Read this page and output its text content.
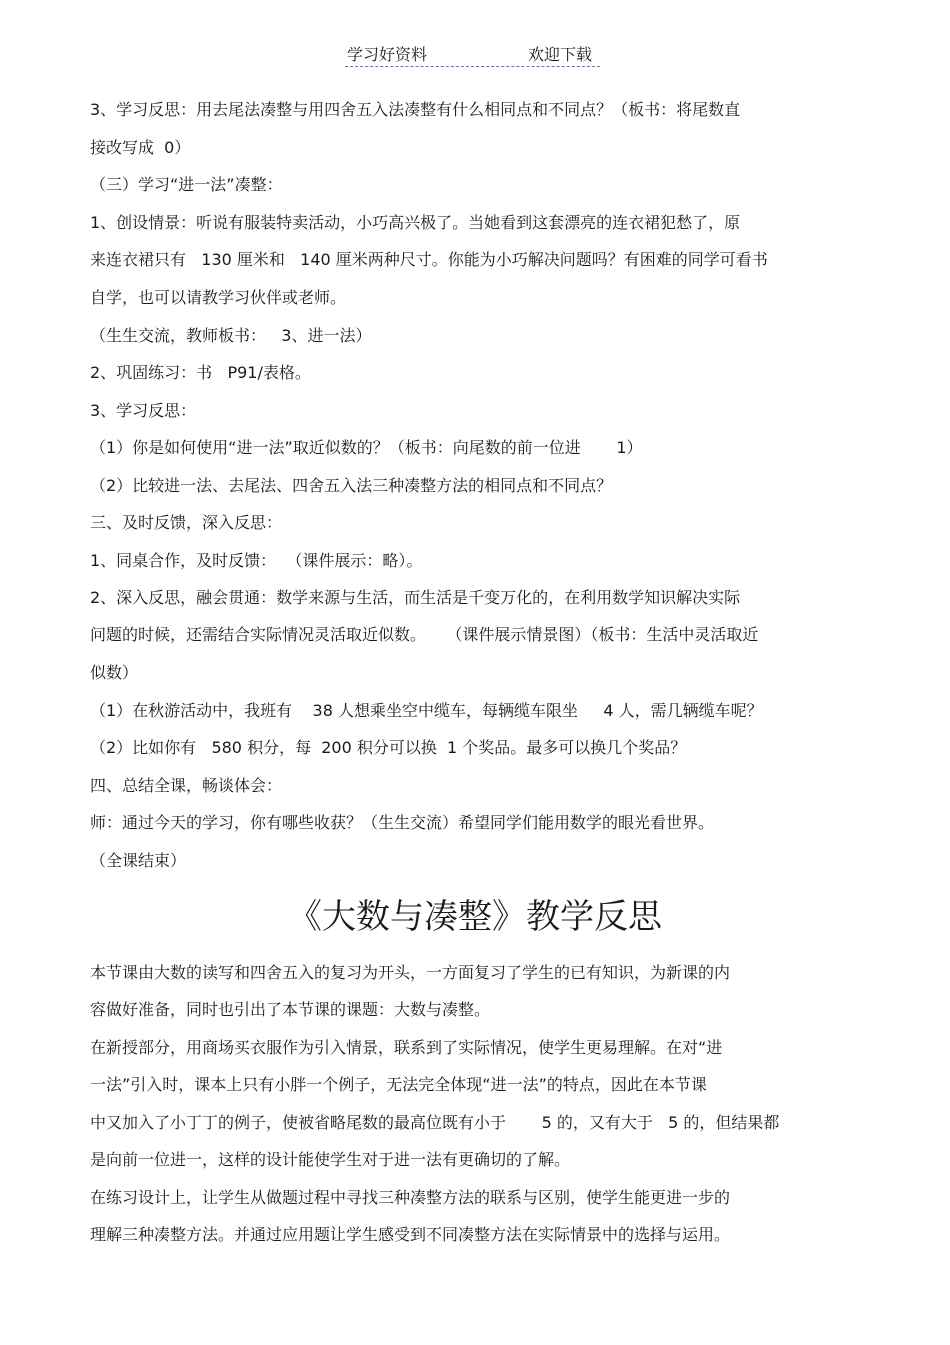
学习好资料	欢迎下载
3、学习反思：用去尾法凑整与用四舍五入法凑整有什么相同点和不同点？（板书：将尾数直
接改写成  0）
（三）学习“进一法”凑整：
1、创设情景：听说有服装特卖活动，小巧高兴极了。当她看到这套漂亮的连衣裙犯愁了，原
来连衣裙只有   130 厘米和   140 厘米两种尺寸。你能为小巧解决问题吗？有困难的同学可看书
自学，也可以请教学习伙伴或老师。
（生生交流，教师板书：   3、进一法）
2、巩固练习：书   P91/表格。
3、学习反思：
（1）你是如何使用“进一法”取近似数的？（板书：向尾数的前一位进       1）
（2）比较进一法、去尾法、四舍五入法三种凑整方法的相同点和不同点？
三、及时反馈，深入反思：
1、同桌合作，及时反馈：  （课件展示：略）。
2、深入反思，融会贯通：数学来源与生活，而生活是千变万化的，在利用数学知识解决实际
问题的时候，还需结合实际情况灵活取近似数。    （课件展示情景图）（板书：生活中灵活取近
似数）
（1）在秋游活动中，我班有    38 人想乘坐空中缆车，每辆缆车限坐     4 人，需几辆缆车呢？
（2）比如你有   580 积分，每  200 积分可以换  1 个奖品。最多可以换几个奖品？
四、总结全课，畅谈体会：
师：通过今天的学习，你有哪些收获？（生生交流）希望同学们能用数学的眼光看世界。
（全课结束）
《大数与凑整》教学反思
本节课由大数的读写和四舍五入的复习为开头，一方面复习了学生的已有知识，为新课的内
容做好准备，同时也引出了本节课的课题：大数与凑整。
在新授部分，用商场买衣服作为引入情景，联系到了实际情况，使学生更易理解。在对“进
一法”引入时，课本上只有小胖一个例子，无法完全体现“进一法”的特点，因此在本节课
中又加入了小丁丁的例子，使被省略尾数的最高位既有小于       5 的，又有大于   5 的，但结果都
是向前一位进一，这样的设计能使学生对于进一法有更确切的了解。
在练习设计上，让学生从做题过程中寻找三种凑整方法的联系与区别，使学生能更进一步的
理解三种凑整方法。并通过应用题让学生感受到不同凑整方法在实际情景中的选择与运用。
